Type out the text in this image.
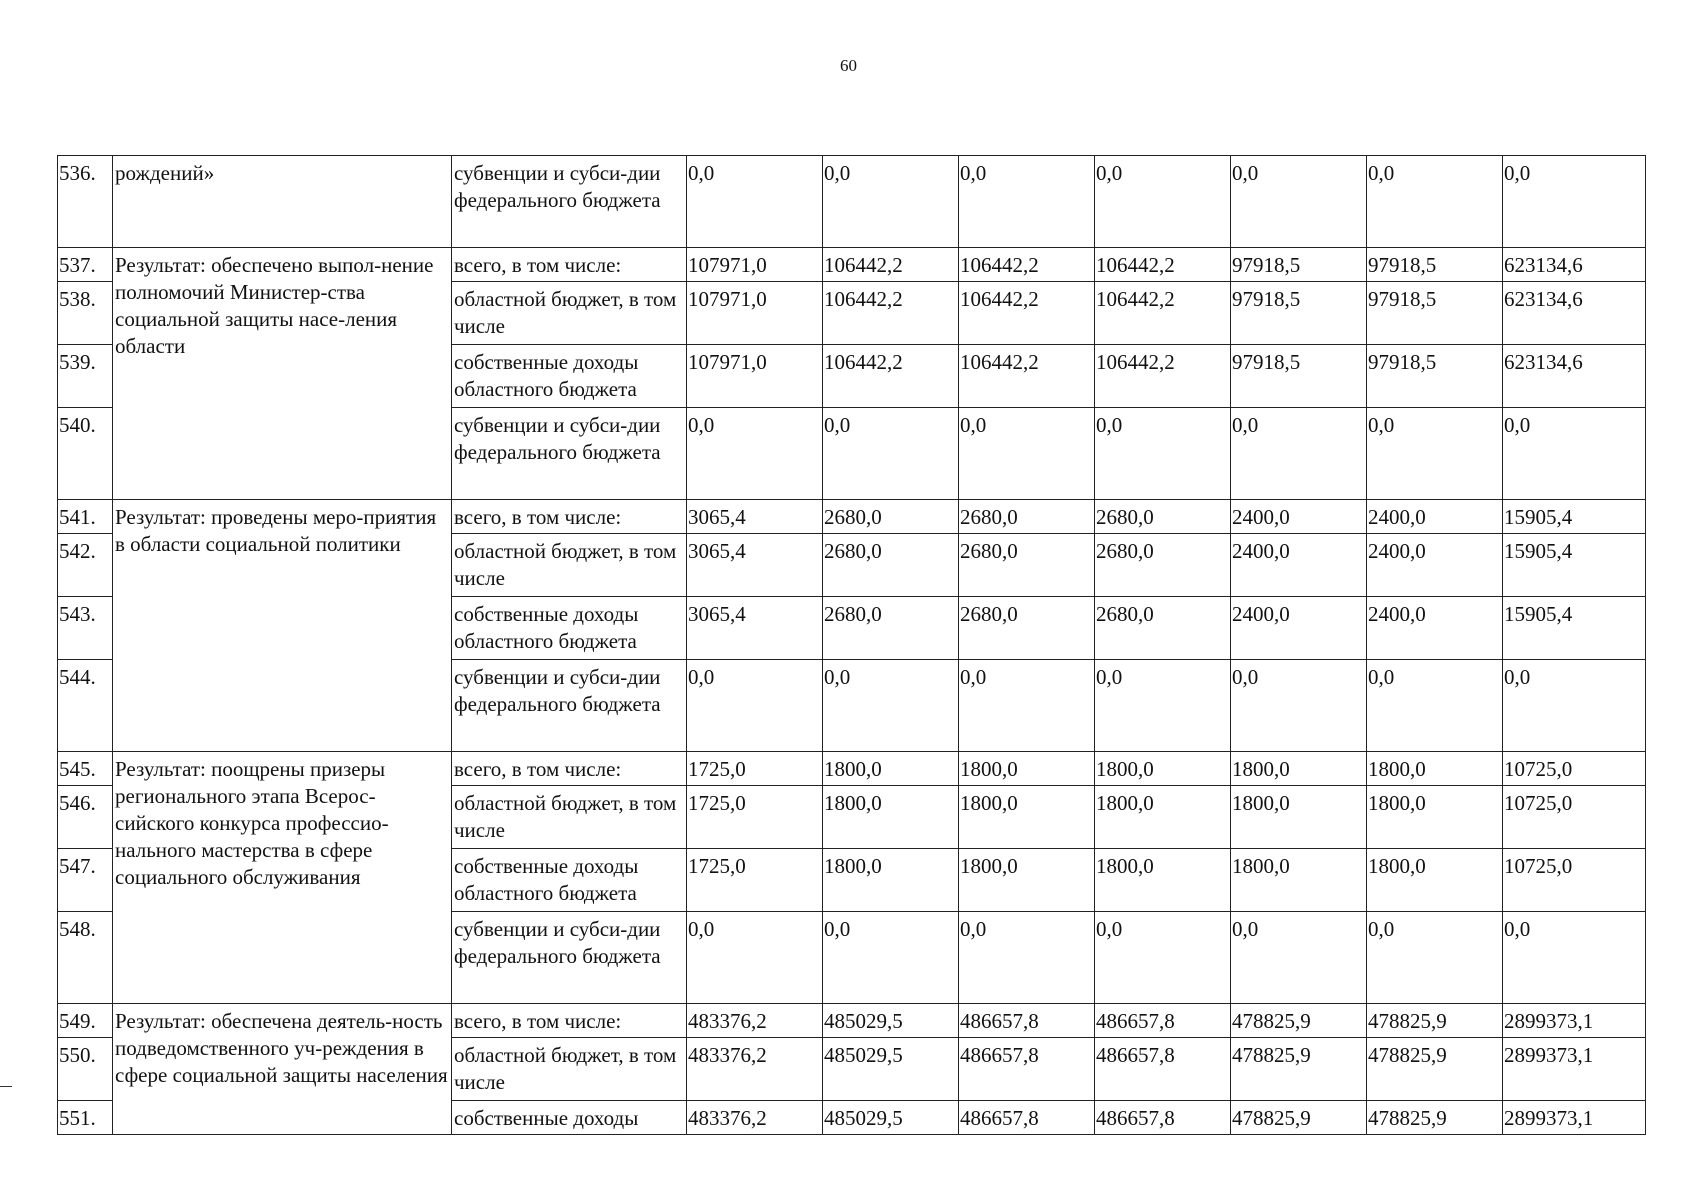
60
536.	рождений»	субвенции и субси-дии федерального бюджета	0,0	0,0	0,0	0,0	0,0	0,0	0,0
537.	Результат: обеспечено выпол-нение полномочий Министер-ства социальной защиты насе-ления области	всего, в том числе:	107971,0	106442,2	106442,2	106442,2	97918,5	97918,5	623134,6
538.		областной бюджет, в том числе	107971,0	106442,2	106442,2	106442,2	97918,5	97918,5	623134,6
539.		собственные доходы областного бюджета	107971,0	106442,2	106442,2	106442,2	97918,5	97918,5	623134,6
540.		субвенции и субси-дии федерального бюджета	0,0	0,0	0,0	0,0	0,0	0,0	0,0
541.	Результат: проведены меро-приятия в области социальной политики	всего, в том числе:	3065,4	2680,0	2680,0	2680,0	2400,0	2400,0	15905,4
542.		областной бюджет, в том числе	3065,4	2680,0	2680,0	2680,0	2400,0	2400,0	15905,4
543.		собственные доходы областного бюджета	3065,4	2680,0	2680,0	2680,0	2400,0	2400,0	15905,4
544.		субвенции и субси-дии федерального бюджета	0,0	0,0	0,0	0,0	0,0	0,0	0,0
545.	Результат: поощрены призеры регионального этапа Всерос-сийского конкурса профессио-нального мастерства в сфере социального обслуживания	всего, в том числе:	1725,0	1800,0	1800,0	1800,0	1800,0	1800,0	10725,0
546.		областной бюджет, в том числе	1725,0	1800,0	1800,0	1800,0	1800,0	1800,0	10725,0
547.		собственные доходы областного бюджета	1725,0	1800,0	1800,0	1800,0	1800,0	1800,0	10725,0
548.		субвенции и субси-дии федерального бюджета	0,0	0,0	0,0	0,0	0,0	0,0	0,0
549.	Результат: обеспечена деятель-ность подведомственного уч-реждения в сфере социальной защиты населения	всего, в том числе:	483376,2	485029,5	486657,8	486657,8	478825,9	478825,9	2899373,1
550.		областной бюджет, в том числе	483376,2	485029,5	486657,8	486657,8	478825,9	478825,9	2899373,1
551.		собственные доходы	483376,2	485029,5	486657,8	486657,8	478825,9	478825,9	2899373,1
